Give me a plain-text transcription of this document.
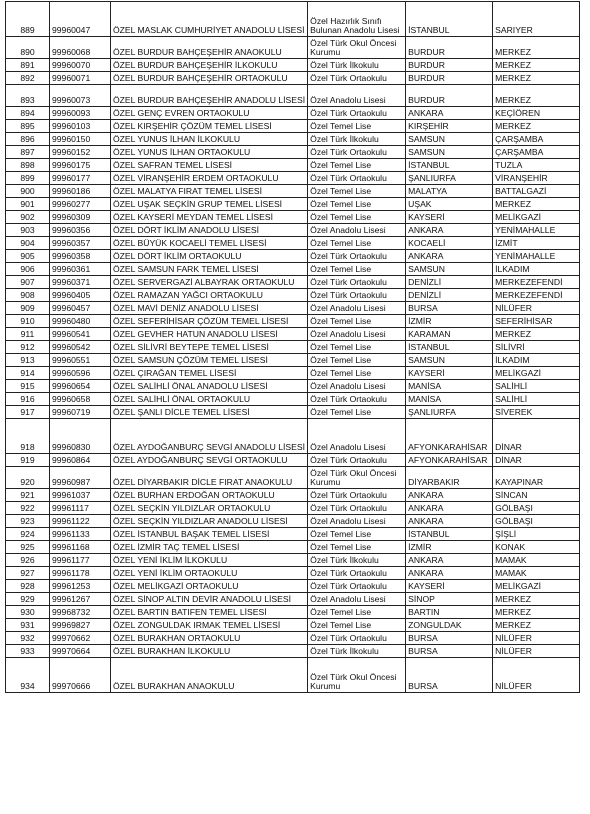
889	99960047	ÖZEL MASLAK CUMHURİYET ANADOLU LİSESİ	Özel Hazırlık Sınıfı Bulunan Anadolu Lisesi	İSTANBUL	SARIYER
890	99960068	ÖZEL BURDUR BAHÇEŞEHİR ANAOKULU	Özel Türk Okul Öncesi Kurumu	BURDUR	MERKEZ
891	99960070	ÖZEL BURDUR BAHÇEŞEHİR İLKOKULU	Özel Türk İlkokulu	BURDUR	MERKEZ
892	99960071	ÖZEL BURDUR BAHÇEŞEHİR ORTAOKULU	Özel Türk Ortaokulu	BURDUR	MERKEZ
893	99960073	ÖZEL BURDUR BAHÇEŞEHİR ANADOLU LİSESİ	Özel Anadolu Lisesi	BURDUR	MERKEZ
894	99960093	ÖZEL GENÇ EVREN ORTAOKULU	Özel Türk Ortaokulu	ANKARA	KEÇİÖREN
895	99960103	ÖZEL KIRŞEHİR ÇÖZÜM TEMEL LİSESİ	Özel Temel Lise	KIRŞEHİR	MERKEZ
896	99960150	ÖZEL YUNUS İLHAN İLKOKULU	Özel Türk İlkokulu	SAMSUN	ÇARŞAMBA
897	99960152	ÖZEL YUNUS İLHAN ORTAOKULU	Özel Türk Ortaokulu	SAMSUN	ÇARŞAMBA
898	99960175	ÖZEL SAFRAN TEMEL LİSESİ	Özel Temel Lise	İSTANBUL	TUZLA
899	99960177	ÖZEL VİRANŞEHİR ERDEM ORTAOKULU	Özel Türk Ortaokulu	ŞANLIURFA	VİRANŞEHİR
900	99960186	ÖZEL MALATYA FIRAT TEMEL LİSESİ	Özel Temel Lise	MALATYA	BATTALGAZİ
901	99960277	ÖZEL UŞAK SEÇKİN GRUP TEMEL LİSESİ	Özel Temel Lise	UŞAK	MERKEZ
902	99960309	ÖZEL KAYSERİ MEYDAN TEMEL LİSESİ	Özel Temel Lise	KAYSERİ	MELİKGAZİ
903	99960356	ÖZEL DÖRT İKLİM ANADOLU LİSESİ	Özel Anadolu Lisesi	ANKARA	YENİMAHALLE
904	99960357	ÖZEL BÜYÜK KOCAELİ TEMEL LİSESİ	Özel Temel Lise	KOCAELİ	İZMİT
905	99960358	ÖZEL DÖRT İKLİM ORTAOKULU	Özel Türk Ortaokulu	ANKARA	YENİMAHALLE
906	99960361	ÖZEL SAMSUN FARK TEMEL LİSESİ	Özel Temel Lise	SAMSUN	İLKADIM
907	99960371	ÖZEL SERVERGAZİ ALBAYRAK ORTAOKULU	Özel Türk Ortaokulu	DENİZLİ	MERKEZEFENDİ
908	99960405	ÖZEL RAMAZAN YAĞCI ORTAOKULU	Özel Türk Ortaokulu	DENİZLİ	MERKEZEFENDİ
909	99960457	ÖZEL MAVİ DENİZ ANADOLU LİSESİ	Özel Anadolu Lisesi	BURSA	NİLÜFER
910	99960480	ÖZEL SEFERİHİSAR ÇÖZÜM TEMEL LİSESİ	Özel Temel Lise	İZMİR	SEFERİHİSAR
911	99960541	ÖZEL GEVHER HATUN ANADOLU LİSESİ	Özel Anadolu Lisesi	KARAMAN	MERKEZ
912	99960542	ÖZEL SİLİVRİ BEYTEPE TEMEL LİSESİ	Özel Temel Lise	İSTANBUL	SİLİVRİ
913	99960551	ÖZEL SAMSUN ÇÖZÜM TEMEL LİSESİ	Özel Temel Lise	SAMSUN	İLKADIM
914	99960596	ÖZEL ÇIRAĞAN TEMEL LİSESİ	Özel Temel Lise	KAYSERİ	MELİKGAZİ
915	99960654	ÖZEL SALİHLİ ÖNAL ANADOLU LİSESİ	Özel Anadolu Lisesi	MANİSA	SALİHLİ
916	99960658	ÖZEL SALİHLİ ÖNAL ORTAOKULU	Özel Türk Ortaokulu	MANİSA	SALİHLİ
917	99960719	ÖZEL ŞANLI DİCLE TEMEL LİSESİ	Özel Temel Lise	ŞANLIURFA	SİVEREK
918	99960830	ÖZEL AYDOĞANBURÇ SEVGİ ANADOLU LİSESİ	Özel Anadolu Lisesi	AFYONKARAHİSAR	DİNAR
919	99960864	ÖZEL AYDOĞANBURÇ SEVGİ ORTAOKULU	Özel Türk Ortaokulu	AFYONKARAHİSAR	DİNAR
920	99960987	ÖZEL DİYARBAKIR DİCLE FIRAT ANAOKULU	Özel Türk Okul Öncesi Kurumu	DİYARBAKIR	KAYAPINAR
921	99961037	ÖZEL BURHAN ERDOĞAN ORTAOKULU	Özel Türk Ortaokulu	ANKARA	SİNCAN
922	99961117	ÖZEL SEÇKİN YILDIZLAR ORTAOKULU	Özel Türk Ortaokulu	ANKARA	GÖLBAŞI
923	99961122	ÖZEL SEÇKİN YILDIZLAR ANADOLU LİSESİ	Özel Anadolu Lisesi	ANKARA	GÖLBAŞI
924	99961133	ÖZEL İSTANBUL BAŞAK TEMEL LİSESİ	Özel Temel Lise	İSTANBUL	ŞİŞLİ
925	99961168	ÖZEL İZMİR TAÇ TEMEL LİSESİ	Özel Temel Lise	İZMİR	KONAK
926	99961177	ÖZEL YENİ İKLİM İLKOKULU	Özel Türk İlkokulu	ANKARA	MAMAK
927	99961178	ÖZEL YENİ İKLİM ORTAOKULU	Özel Türk Ortaokulu	ANKARA	MAMAK
928	99961253	ÖZEL MELİKGAZİ ORTAOKULU	Özel Türk Ortaokulu	KAYSERİ	MELİKGAZİ
929	99961267	ÖZEL SİNOP ALTIN DEVİR ANADOLU LİSESİ	Özel Anadolu Lisesi	SİNOP	MERKEZ
930	99968732	ÖZEL BARTIN BATIFEN TEMEL LİSESİ	Özel Temel Lise	BARTIN	MERKEZ
931	99969827	ÖZEL ZONGULDAK IRMAK TEMEL LİSESİ	Özel Temel Lise	ZONGULDAK	MERKEZ
932	99970662	ÖZEL BURAKHAN ORTAOKULU	Özel Türk Ortaokulu	BURSA	NİLÜFER
933	99970664	ÖZEL BURAKHAN İLKOKULU	Özel Türk İlkokulu	BURSA	NİLÜFER
934	99970666	ÖZEL BURAKHAN ANAOKULU	Özel Türk Okul Öncesi Kurumu	BURSA	NİLÜFER
